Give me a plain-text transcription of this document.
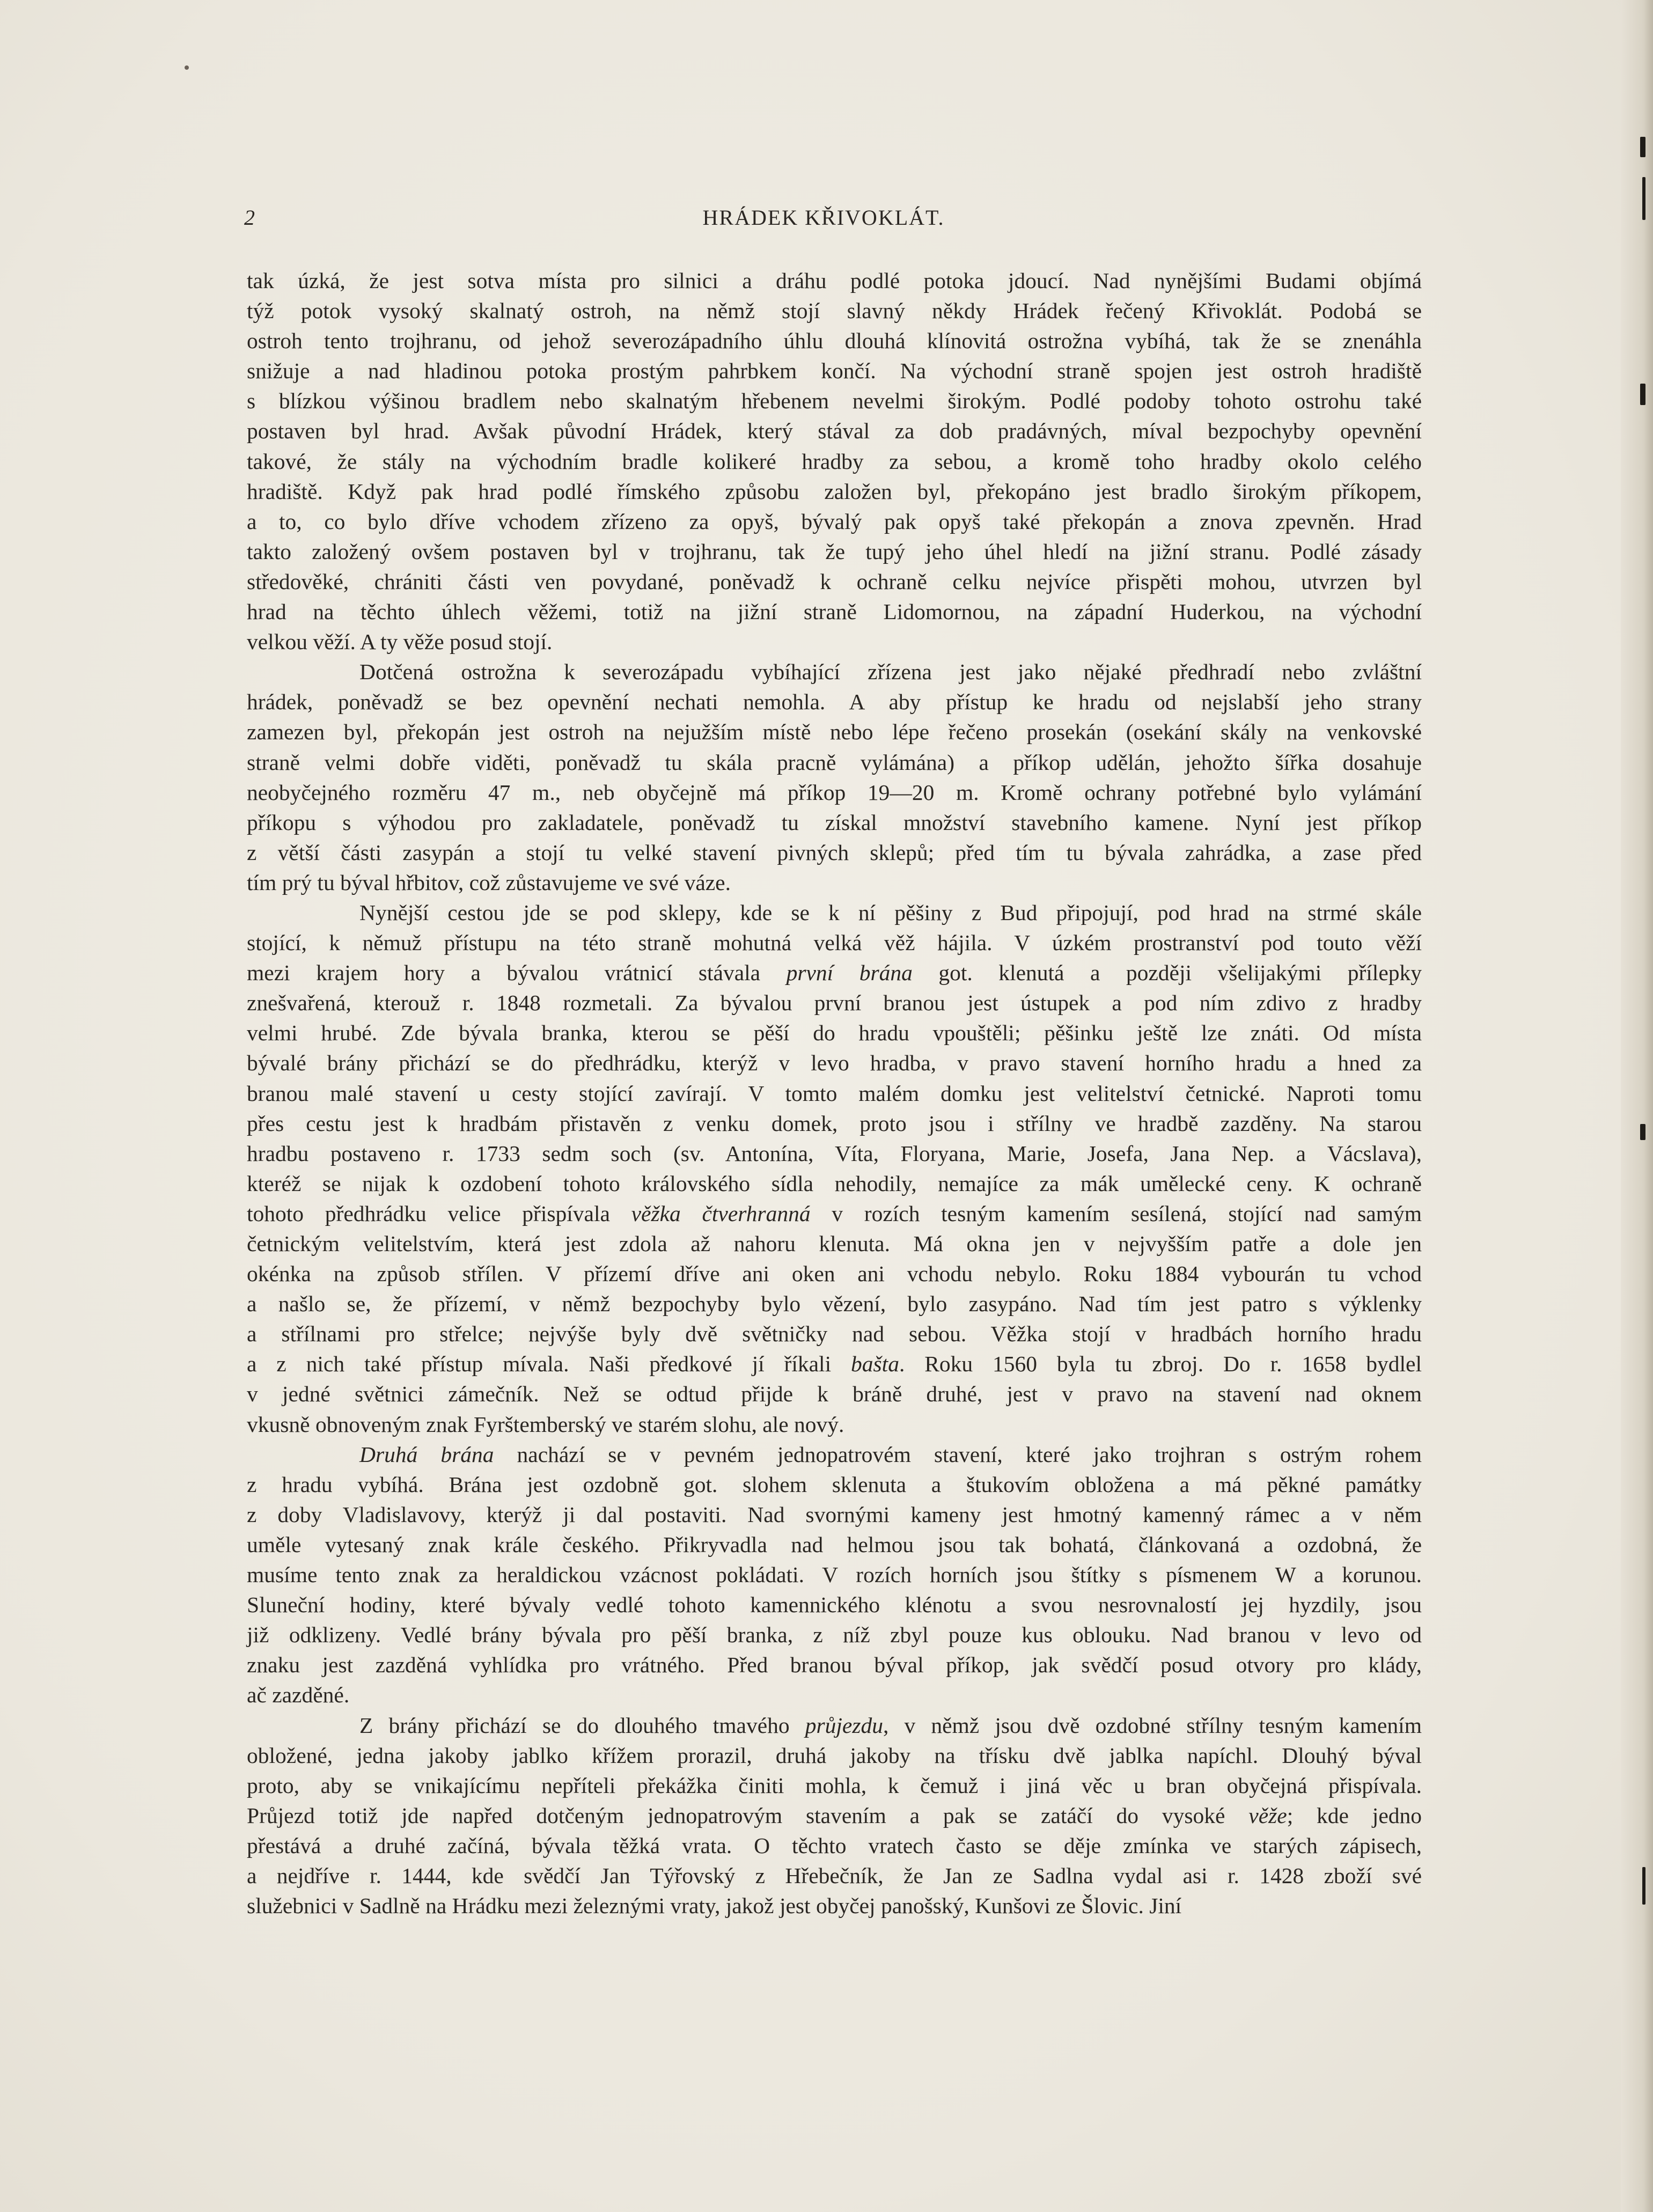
2	HRÁDEK KŘIVOKLÁT.

tak úzká, že jest sotva místa pro silnici a dráhu podlé potoka jdoucí. Nad nynějšími Budami objímá
týž potok vysoký skalnatý ostroh, na němž stojí slavný někdy Hrádek řečený Křivoklát. Podobá se
ostroh tento trojhranu, od jehož severozápadního úhlu dlouhá klínovitá ostrožna vybíhá, tak že se znenáhla
snižuje a nad hladinou potoka prostým pahrbkem končí. Na východní straně spojen jest ostroh hradiště
s blízkou výšinou bradlem nebo skalnatým hřebenem nevelmi širokým. Podlé podoby tohoto ostrohu také
postaven byl hrad. Avšak původní Hrádek, který stával za dob pradávných, míval bezpochyby opevnění
takové, že stály na východním bradle kolikeré hradby za sebou, a kromě toho hradby okolo celého
hradiště. Když pak hrad podlé římského způsobu založen byl, překopáno jest bradlo širokým příkopem,
a to, co bylo dříve vchodem zřízeno za opyš, bývalý pak opyš také překopán a znova zpevněn. Hrad
takto založený ovšem postaven byl v trojhranu, tak že tupý jeho úhel hledí na jižní stranu. Podlé zásady
středověké, chrániti části ven povydané, poněvadž k ochraně celku nejvíce přispěti mohou, utvrzen byl
hrad na těchto úhlech věžemi, totiž na jižní straně Lidomornou, na západní Huderkou, na východní
velkou věží. A ty věže posud stojí.

Dotčená ostrožna k severozápadu vybíhající zřízena jest jako nějaké předhradí nebo zvláštní
hrádek, poněvadž se bez opevnění nechati nemohla. A aby přístup ke hradu od nejslabší jeho strany
zamezen byl, překopán jest ostroh na nejužším místě nebo lépe řečeno prosekán (osekání skály na venkovské
straně velmi dobře viděti, poněvadž tu skála pracně vylámána) a příkop udělán, jehožto šířka dosahuje
neobyčejného rozměru 47 m., neb obyčejně má příkop 19—20 m. Kromě ochrany potřebné bylo vylámání
příkopu s výhodou pro zakladatele, poněvadž tu získal množství stavebního kamene. Nyní jest příkop
z větší části zasypán a stojí tu velké stavení pivných sklepů; před tím tu bývala zahrádka, a zase před
tím prý tu býval hřbitov, což zůstavujeme ve své váze.

Nynější cestou jde se pod sklepy, kde se k ní pěšiny z Bud připojují, pod hrad na strmé skále
stojící, k němuž přístupu na této straně mohutná velká věž hájila. V úzkém prostranství pod touto věží
mezi krajem hory a bývalou vrátnicí stávala první brána got. klenutá a později všelijakými přílepky
znešvařená, kterouž r. 1848 rozmetali. Za bývalou první branou jest ústupek a pod ním zdivo z hradby
velmi hrubé. Zde bývala branka, kterou se pěší do hradu vpouštěli; pěšinku ještě lze znáti. Od místa
bývalé brány přichází se do předhrádku, kterýž v levo hradba, v pravo stavení horního hradu a hned za
branou malé stavení u cesty stojící zavírají. V tomto malém domku jest velitelství četnické. Naproti tomu
přes cestu jest k hradbám přistavěn z venku domek, proto jsou i střílny ve hradbě zazděny. Na starou
hradbu postaveno r. 1733 sedm soch (sv. Antonína, Víta, Floryana, Marie, Josefa, Jana Nep. a Vácslava),
kteréž se nijak k ozdobení tohoto královského sídla nehodily, nemajíce za mák umělecké ceny. K ochraně
tohoto předhrádku velice přispívala věžka čtverhranná v rozích tesným kamením sesílená, stojící nad samým
četnickým velitelstvím, která jest zdola až nahoru klenuta. Má okna jen v nejvyšším patře a dole jen
okénka na způsob střílen. V přízemí dříve ani oken ani vchodu nebylo. Roku 1884 vybourán tu vchod
a našlo se, že přízemí, v němž bezpochyby bylo vězení, bylo zasypáno. Nad tím jest patro s výklenky
a střílnami pro střelce; nejvýše byly dvě světničky nad sebou. Věžka stojí v hradbách horního hradu
a z nich také přístup mívala. Naši předkové jí říkali bašta. Roku 1560 byla tu zbroj. Do r. 1658 bydlel
v jedné světnici zámečník. Než se odtud přijde k bráně druhé, jest v pravo na stavení nad oknem
vkusně obnoveným znak Fyrštemberský ve starém slohu, ale nový.

Druhá brána nachází se v pevném jednopatrovém stavení, které jako trojhran s ostrým rohem
z hradu vybíhá. Brána jest ozdobně got. slohem sklenuta a štukovím obložena a má pěkné památky
z doby Vladislavovy, kterýž ji dal postaviti. Nad svornými kameny jest hmotný kamenný rámec a v něm
uměle vytesaný znak krále českého. Přikryvadla nad helmou jsou tak bohatá, článkovaná a ozdobná, že
musíme tento znak za heraldickou vzácnost pokládati. V rozích horních jsou štítky s písmenem W a korunou.
Sluneční hodiny, které bývaly vedlé tohoto kamennického klénotu a svou nesrovnalostí jej hyzdily, jsou
již odklizeny. Vedlé brány bývala pro pěší branka, z níž zbyl pouze kus oblouku. Nad branou v levo od
znaku jest zazděná vyhlídka pro vrátného. Před branou býval příkop, jak svědčí posud otvory pro klády,
ač zazděné.

Z brány přichází se do dlouhého tmavého průjezdu, v němž jsou dvě ozdobné střílny tesným kamením
obložené, jedna jakoby jablko křížem prorazil, druhá jakoby na třísku dvě jablka napíchl. Dlouhý býval
proto, aby se vnikajícímu nepříteli překážka činiti mohla, k čemuž i jiná věc u bran obyčejná přispívala.
Průjezd totiž jde napřed dotčeným jednopatrovým stavením a pak se zatáčí do vysoké věže; kde jedno
přestává a druhé začíná, bývala těžká vrata. O těchto vratech často se děje zmínka ve starých zápisech,
a nejdříve r. 1444, kde svědčí Jan Týřovský z Hřebečník, že Jan ze Sadlna vydal asi r. 1428 zboží své
služebnici v Sadlně na Hrádku mezi železnými vraty, jakož jest obyčej panošský, Kunšovi ze Šlovic. Jiní
